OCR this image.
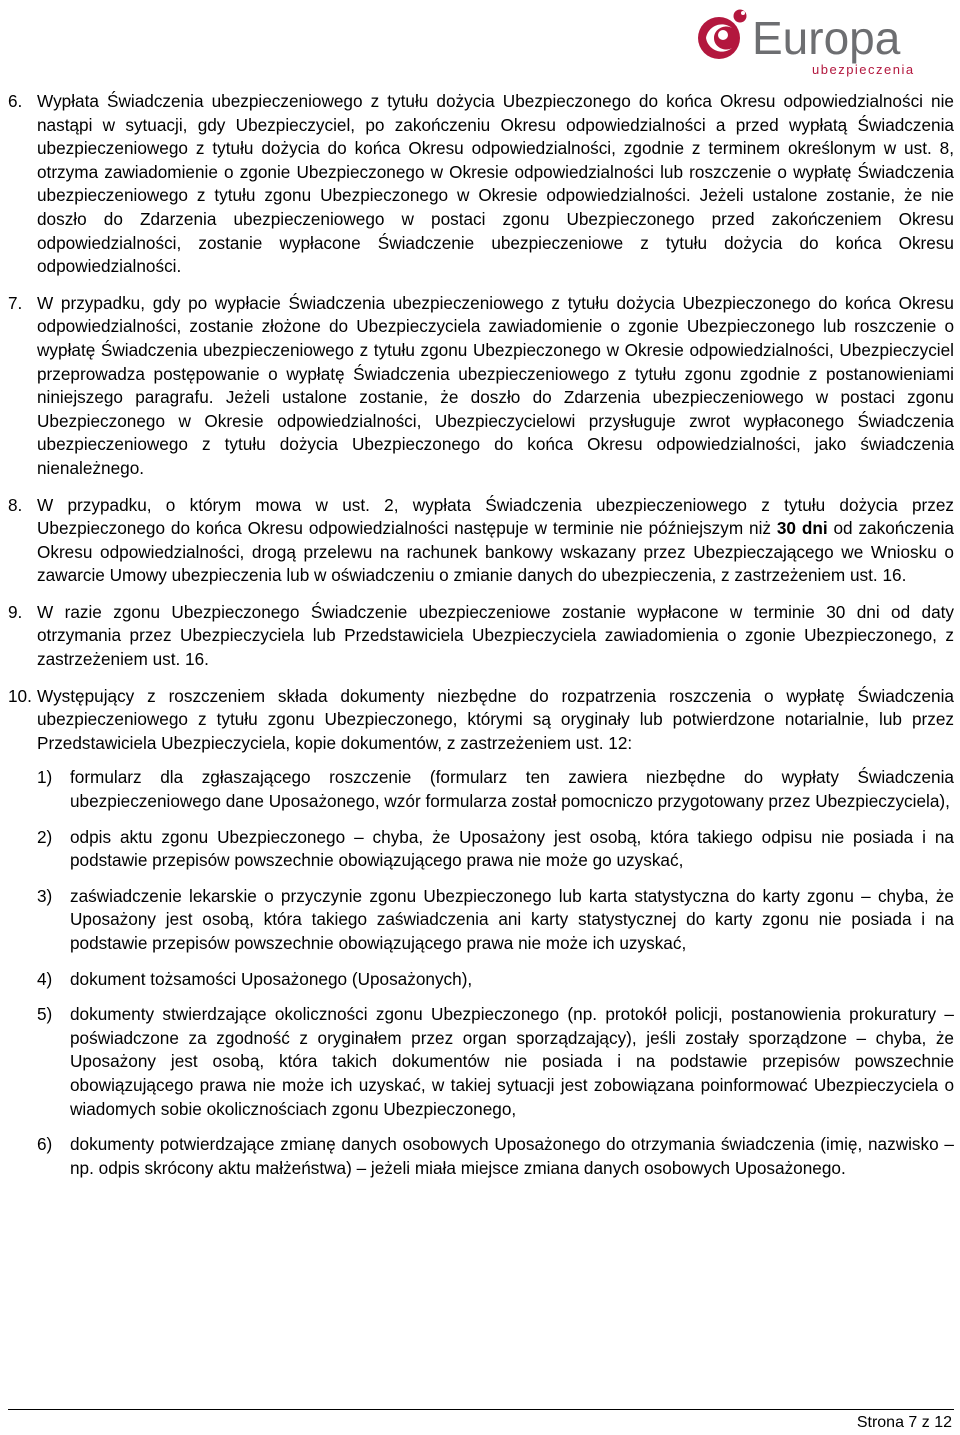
Europa
ubezpieczenia
6. Wypłata Świadczenia ubezpieczeniowego z tytułu dożycia Ubezpieczonego do końca Okresu odpowiedzialności nie nastąpi w sytuacji, gdy Ubezpieczyciel, po zakończeniu Okresu odpowiedzialności a przed wypłatą Świadczenia ubezpieczeniowego z tytułu dożycia do końca Okresu odpowiedzialności, zgodnie z terminem określonym w ust. 8, otrzyma zawiadomienie o zgonie Ubezpieczonego w Okresie odpowiedzialności lub roszczenie o wypłatę Świadczenia ubezpieczeniowego z tytułu zgonu Ubezpieczonego w Okresie odpowiedzialności. Jeżeli ustalone zostanie, że nie doszło do Zdarzenia ubezpieczeniowego w postaci zgonu Ubezpieczonego przed zakończeniem Okresu odpowiedzialności, zostanie wypłacone Świadczenie ubezpieczeniowe z tytułu dożycia do końca Okresu odpowiedzialności.
7. W przypadku, gdy po wypłacie Świadczenia ubezpieczeniowego z tytułu dożycia Ubezpieczonego do końca Okresu odpowiedzialności, zostanie złożone do Ubezpieczyciela zawiadomienie o zgonie Ubezpieczonego lub roszczenie o wypłatę Świadczenia ubezpieczeniowego z tytułu zgonu Ubezpieczonego w Okresie odpowiedzialności, Ubezpieczyciel przeprowadza postępowanie o wypłatę Świadczenia ubezpieczeniowego z tytułu zgonu zgodnie z postanowieniami niniejszego paragrafu. Jeżeli ustalone zostanie, że doszło do Zdarzenia ubezpieczeniowego w postaci zgonu Ubezpieczonego w Okresie odpowiedzialności, Ubezpieczycielowi przysługuje zwrot wypłaconego Świadczenia ubezpieczeniowego z tytułu dożycia Ubezpieczonego do końca Okresu odpowiedzialności, jako świadczenia nienależnego.
8. W przypadku, o którym mowa w ust. 2, wypłata Świadczenia ubezpieczeniowego z tytułu dożycia przez Ubezpieczonego do końca Okresu odpowiedzialności następuje w terminie nie późniejszym niż 30 dni od zakończenia Okresu odpowiedzialności, drogą przelewu na rachunek bankowy wskazany przez Ubezpieczającego we Wniosku o zawarcie Umowy ubezpieczenia lub w oświadczeniu o zmianie danych do ubezpieczenia, z zastrzeżeniem ust. 16.
9. W razie zgonu Ubezpieczonego Świadczenie ubezpieczeniowe zostanie wypłacone w terminie 30 dni od daty otrzymania przez Ubezpieczyciela lub Przedstawiciela Ubezpieczyciela zawiadomienia o zgonie Ubezpieczonego, z zastrzeżeniem ust. 16.
10. Występujący z roszczeniem składa dokumenty niezbędne do rozpatrzenia roszczenia o wypłatę Świadczenia ubezpieczeniowego z tytułu zgonu Ubezpieczonego, którymi są oryginały lub potwierdzone notarialnie, lub przez Przedstawiciela Ubezpieczyciela, kopie dokumentów, z zastrzeżeniem ust. 12:
1)	formularz dla zgłaszającego roszczenie (formularz ten zawiera niezbędne do wypłaty Świadczenia ubezpieczeniowego dane Uposażonego, wzór formularza został pomocniczo przygotowany przez Ubezpieczyciela),
2)	odpis aktu zgonu Ubezpieczonego – chyba, że Uposażony jest osobą, która takiego odpisu nie posiada i na podstawie przepisów powszechnie obowiązującego prawa nie może go uzyskać,
3)	zaświadczenie lekarskie o przyczynie zgonu Ubezpieczonego lub karta statystyczna do karty zgonu – chyba, że Uposażony jest osobą, która takiego zaświadczenia ani karty statystycznej do karty zgonu nie posiada i na podstawie przepisów powszechnie obowiązującego prawa nie może ich uzyskać,
4)	dokument tożsamości Uposażonego (Uposażonych),
5)	dokumenty stwierdzające okoliczności zgonu Ubezpieczonego (np. protokół policji, postanowienia prokuratury – poświadczone za zgodność z oryginałem przez organ sporządzający), jeśli zostały sporządzone – chyba, że Uposażony jest osobą, która takich dokumentów nie posiada i na podstawie przepisów powszechnie obowiązującego prawa nie może ich uzyskać, w takiej sytuacji jest zobowiązana poinformować Ubezpieczyciela o wiadomych sobie okolicznościach zgonu Ubezpieczonego,
6)	dokumenty potwierdzające zmianę danych osobowych Uposażonego do otrzymania świadczenia (imię, nazwisko – np. odpis skrócony aktu małżeństwa) – jeżeli miała miejsce zmiana danych osobowych Uposażonego.
Strona 7 z 12
